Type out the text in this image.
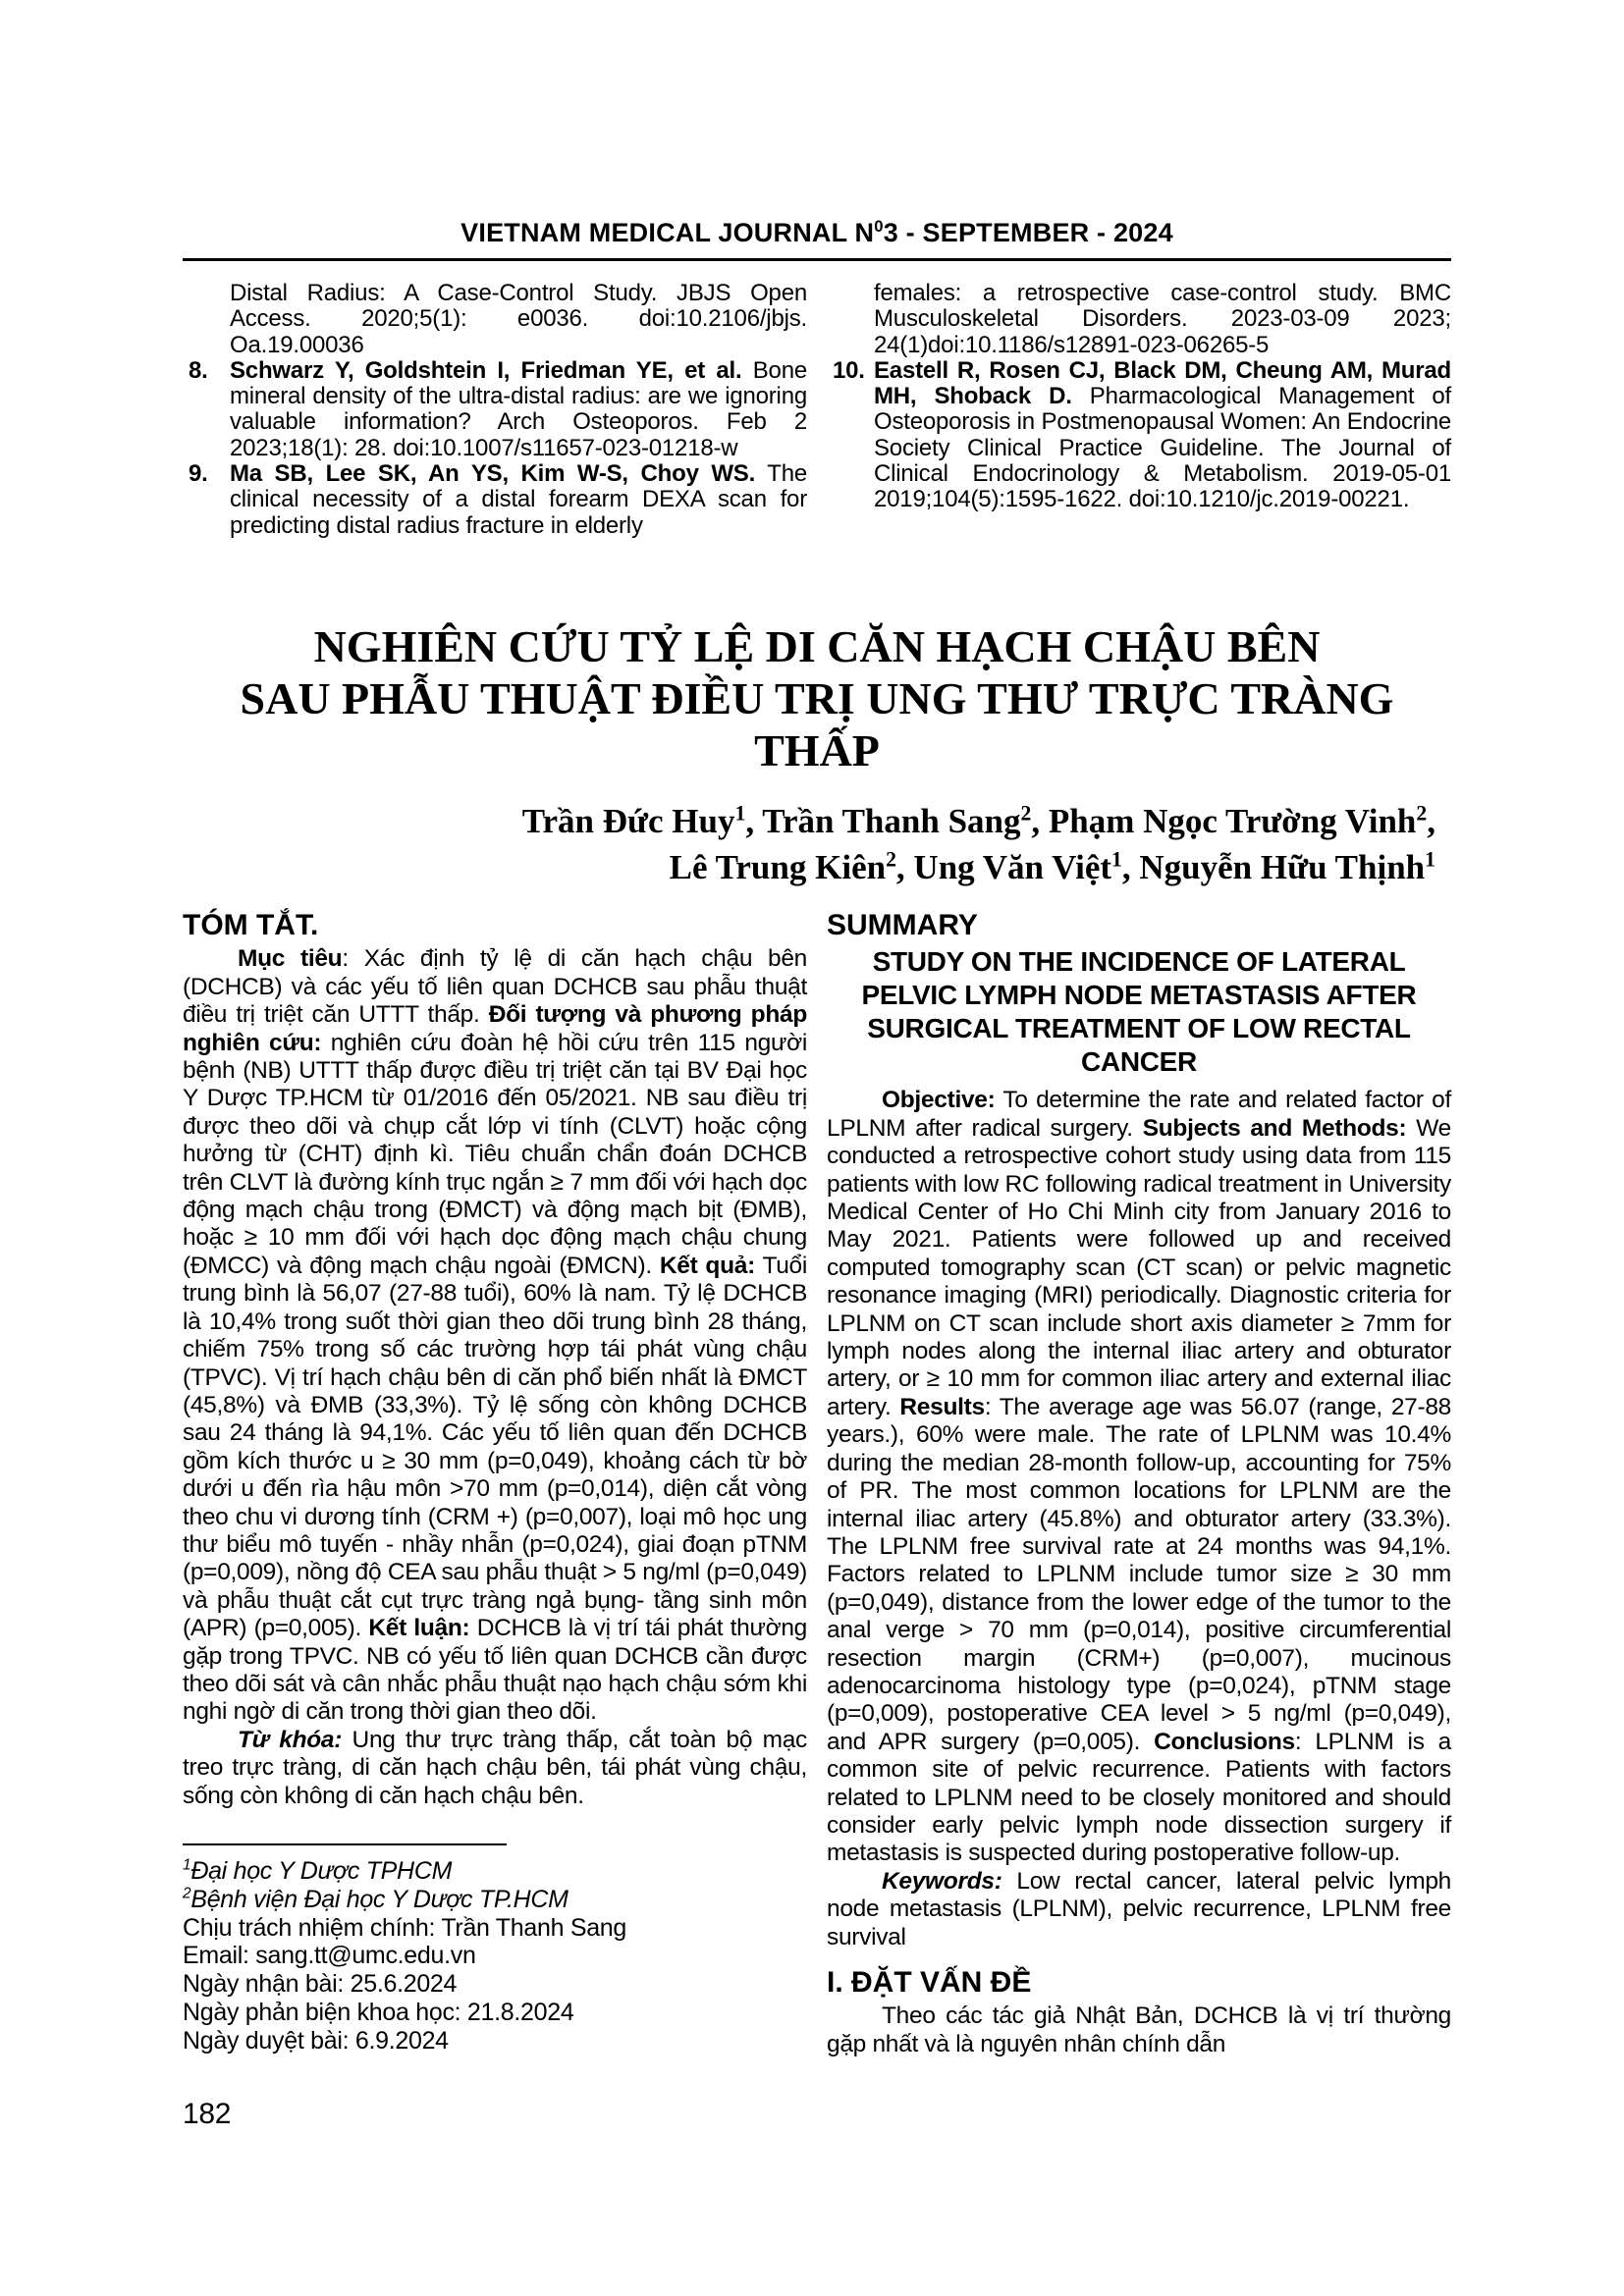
VIETNAM MEDICAL JOURNAL $N^03$ - SEPTEMBER - 2024
Distal Radius: A Case-Control Study. JBJS Open Access. 2020;5(1): e0036. doi:10.2106/jbjs. Oa.19.00036
8. Schwarz Y, Goldshtein I, Friedman YE, et al. Bone mineral density of the ultra-distal radius: are we ignoring valuable information? Arch Osteoporos. Feb 2 2023;18(1): 28. doi:10.1007/s11657-023-01218-w
9. Ma SB, Lee SK, An YS, Kim W-S, Choy WS. The clinical necessity of a distal forearm DEXA scan for predicting distal radius fracture in elderly
females: a retrospective case-control study. BMC Musculoskeletal Disorders. 2023-03-09 2023; 24(1)doi:10.1186/s12891-023-06265-5
10. Eastell R, Rosen CJ, Black DM, Cheung AM, Murad MH, Shoback D. Pharmacological Management of Osteoporosis in Postmenopausal Women: An Endocrine Society Clinical Practice Guideline. The Journal of Clinical Endocrinology & Metabolism. 2019-05-01 2019;104(5):1595-1622. doi:10.1210/jc.2019-00221.
NGHIÊN CỨU TỶ LỆ DI CĂN HẠCH CHẬU BÊN
SAU PHẪU THUẬT ĐIỀU TRỊ UNG THƯ TRỰC TRÀNG THẤP
Trần Đức Huy$^1$, Trần Thanh Sang$^2$, Phạm Ngọc Trường Vinh$^2$,
Lê Trung Kiên$^2$, Ung Văn Việt$^1$, Nguyễn Hữu Thịnh$^1$
TÓM TẮT.

Mục tiêu: Xác định tỷ lệ di căn hạch chậu bên (DCHCB) và các yếu tố liên quan DCHCB sau phẫu thuật điều trị triệt căn UTTT thấp. Đối tượng và phương pháp nghiên cứu: nghiên cứu đoàn hệ hồi cứu trên 115 người bệnh (NB) UTTT thấp được điều trị triệt căn tại BV Đại học Y Dược TP.HCM từ 01/2016 đến 05/2021. NB sau điều trị được theo dõi và chụp cắt lớp vi tính (CLVT) hoặc cộng hưởng từ (CHT) định kì. Tiêu chuẩn chẩn đoán DCHCB trên CLVT là đường kính trục ngắn ≥ 7 mm đối với hạch dọc động mạch chậu trong (ĐMCT) và động mạch bịt (ĐMB), hoặc ≥ 10 mm đối với hạch dọc động mạch chậu chung (ĐMCC) và động mạch chậu ngoài (ĐMCN). Kết quả: Tuổi trung bình là 56,07 (27-88 tuổi), 60% là nam. Tỷ lệ DCHCB là 10,4% trong suốt thời gian theo dõi trung bình 28 tháng, chiếm 75% trong số các trường hợp tái phát vùng chậu (TPVC). Vị trí hạch chậu bên di căn phổ biến nhất là ĐMCT (45,8%) và ĐMB (33,3%). Tỷ lệ sống còn không DCHCB sau 24 tháng là 94,1%. Các yếu tố liên quan đến DCHCB gồm kích thước u ≥ 30 mm (p=0,049), khoảng cách từ bờ dưới u đến rìa hậu môn >70 mm (p=0,014), diện cắt vòng theo chu vi dương tính (CRM +) (p=0,007), loại mô học ung thư biểu mô tuyến - nhầy nhẫn (p=0,024), giai đoạn pTNM (p=0,009), nồng độ CEA sau phẫu thuật > 5 ng/ml (p=0,049) và phẫu thuật cắt cụt trực tràng ngả bụng- tầng sinh môn (APR) (p=0,005). Kết luận: DCHCB là vị trí tái phát thường gặp trong TPVC. NB có yếu tố liên quan DCHCB cần được theo dõi sát và cân nhắc phẫu thuật nạo hạch chậu sớm khi nghi ngờ di căn trong thời gian theo dõi.

Từ khóa: Ung thư trực tràng thấp, cắt toàn bộ mạc treo trực tràng, di căn hạch chậu bên, tái phát vùng chậu, sống còn không di căn hạch chậu bên.

$^1$Đại học Y Dược TPHCM
$^2$Bệnh viện Đại học Y Dược TP.HCM
Chịu trách nhiệm chính: Trần Thanh Sang
Email: sang.tt@umc.edu.vn
Ngày nhận bài: 25.6.2024
Ngày phản biện khoa học: 21.8.2024
Ngày duyệt bài: 6.9.2024
182
SUMMARY
STUDY ON THE INCIDENCE OF LATERAL PELVIC LYMPH NODE METASTASIS AFTER SURGICAL TREATMENT OF LOW RECTAL CANCER

Objective: To determine the rate and related factor of LPLNM after radical surgery. Subjects and Methods: We conducted a retrospective cohort study using data from 115 patients with low RC following radical treatment in University Medical Center of Ho Chi Minh city from January 2016 to May 2021. Patients were followed up and received computed tomography scan (CT scan) or pelvic magnetic resonance imaging (MRI) periodically. Diagnostic criteria for LPLNM on CT scan include short axis diameter ≥ 7mm for lymph nodes along the internal iliac artery and obturator artery, or ≥ 10 mm for common iliac artery and external iliac artery. Results: The average age was 56.07 (range, 27-88 years.), 60% were male. The rate of LPLNM was 10.4% during the median 28-month follow-up, accounting for 75% of PR. The most common locations for LPLNM are the internal iliac artery (45.8%) and obturator artery (33.3%). The LPLNM free survival rate at 24 months was 94,1%. Factors related to LPLNM include tumor size ≥ 30 mm (p=0,049), distance from the lower edge of the tumor to the anal verge > 70 mm (p=0,014), positive circumferential resection margin (CRM+) (p=0,007), mucinous adenocarcinoma histology type (p=0,024), pTNM stage (p=0,009), postoperative CEA level > 5 ng/ml (p=0,049), and APR surgery (p=0,005). Conclusions: LPLNM is a common site of pelvic recurrence. Patients with factors related to LPLNM need to be closely monitored and should consider early pelvic lymph node dissection surgery if metastasis is suspected during postoperative follow-up.

Keywords: Low rectal cancer, lateral pelvic lymph node metastasis (LPLNM), pelvic recurrence, LPLNM free survival

I. ĐẶT VẤN ĐỀ

Theo các tác giả Nhật Bản, DCHCB là vị trí thường gặp nhất và là nguyên nhân chính dẫn
